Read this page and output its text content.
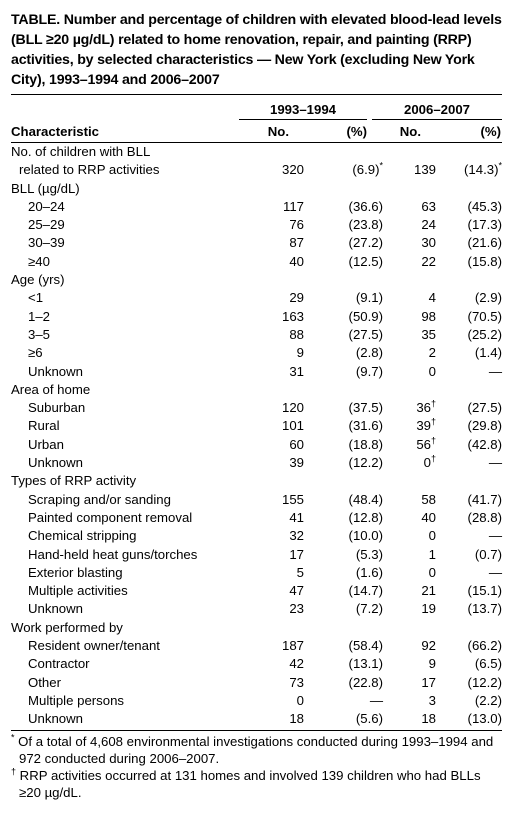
TABLE. Number and percentage of children with elevated blood-lead levels (BLL ≥20 µg/dL) related to home renovation, repair, and painting (RRP) activities, by selected characteristics — New York (excluding New York City), 1993–1994 and 2006–2007
1993–1994	2006–2007
Characteristic	No.	(%)	No.	(%)
No. of children with BLL				
related to RRP activities	320	(6.9)*	139	(14.3)*
BLL (µg/dL)				
20–24	117	(36.6)	63	(45.3)
25–29	76	(23.8)	24	(17.3)
30–39	87	(27.2)	30	(21.6)
≥40	40	(12.5)	22	(15.8)
Age (yrs)				
<1	29	(9.1)	4	(2.9)
1–2	163	(50.9)	98	(70.5)
3–5	88	(27.5)	35	(25.2)
≥6	9	(2.8)	2	(1.4)
Unknown	31	(9.7)	0	—
Area of home				
Suburban	120	(37.5)	36†	(27.5)
Rural	101	(31.6)	39†	(29.8)
Urban	60	(18.8)	56†	(42.8)
Unknown	39	(12.2)	0†	—
Types of RRP activity				
Scraping and/or sanding	155	(48.4)	58	(41.7)
Painted component removal	41	(12.8)	40	(28.8)
Chemical stripping	32	(10.0)	0	—
Hand-held heat guns/torches	17	(5.3)	1	(0.7)
Exterior blasting	5	(1.6)	0	—
Multiple activities	47	(14.7)	21	(15.1)
Unknown	23	(7.2)	19	(13.7)
Work performed by				
Resident owner/tenant	187	(58.4)	92	(66.2)
Contractor	42	(13.1)	9	(6.5)
Other	73	(22.8)	17	(12.2)
Multiple persons	0	—	3	(2.2)
Unknown	18	(5.6)	18	(13.0)
* Of a total of 4,608 environmental investigations conducted during 1993–1994 and 972 conducted during 2006–2007.
† RRP activities occurred at 131 homes and involved 139 children who had BLLs ≥20 µg/dL.
